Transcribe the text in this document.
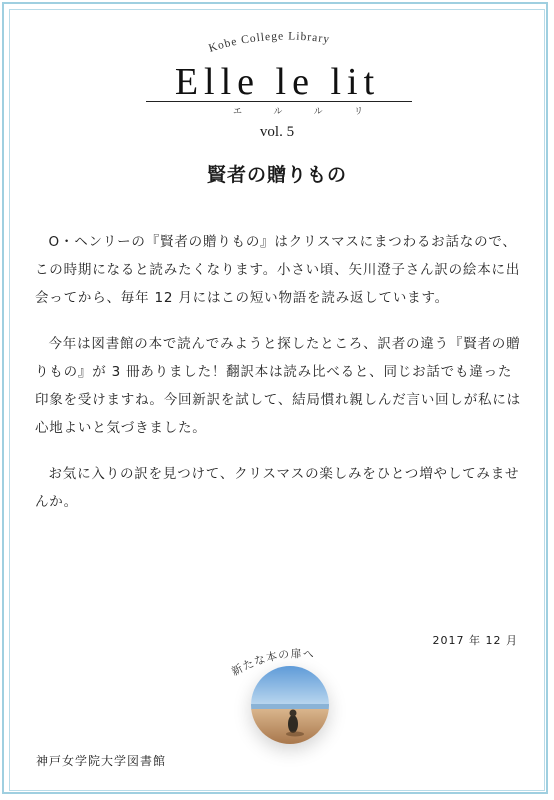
Kobe College Library
Elle le lit
エ	ル	ル	リ
vol. 5
賢者の贈りもの

O・ヘンリーの『賢者の贈りもの』はクリスマスにまつわるお話なので、この時期になると読みたくなります。小さい頃、矢川澄子さん訳の絵本に出会ってから、毎年 12 月にはこの短い物語を読み返しています。

今年は図書館の本で読んでみようと探したところ、訳者の違う『賢者の贈りもの』が 3 冊ありました！翻訳本は読み比べると、同じお話でも違った印象を受けますね。今回新訳を試して、結局慣れ親しんだ言い回しが私には心地よいと気づきました。

お気に入りの訳を見つけて、クリスマスの楽しみをひとつ増やしてみませんか。

2017 年 12 月
新たな本の扉へ
神戸女学院大学図書館
